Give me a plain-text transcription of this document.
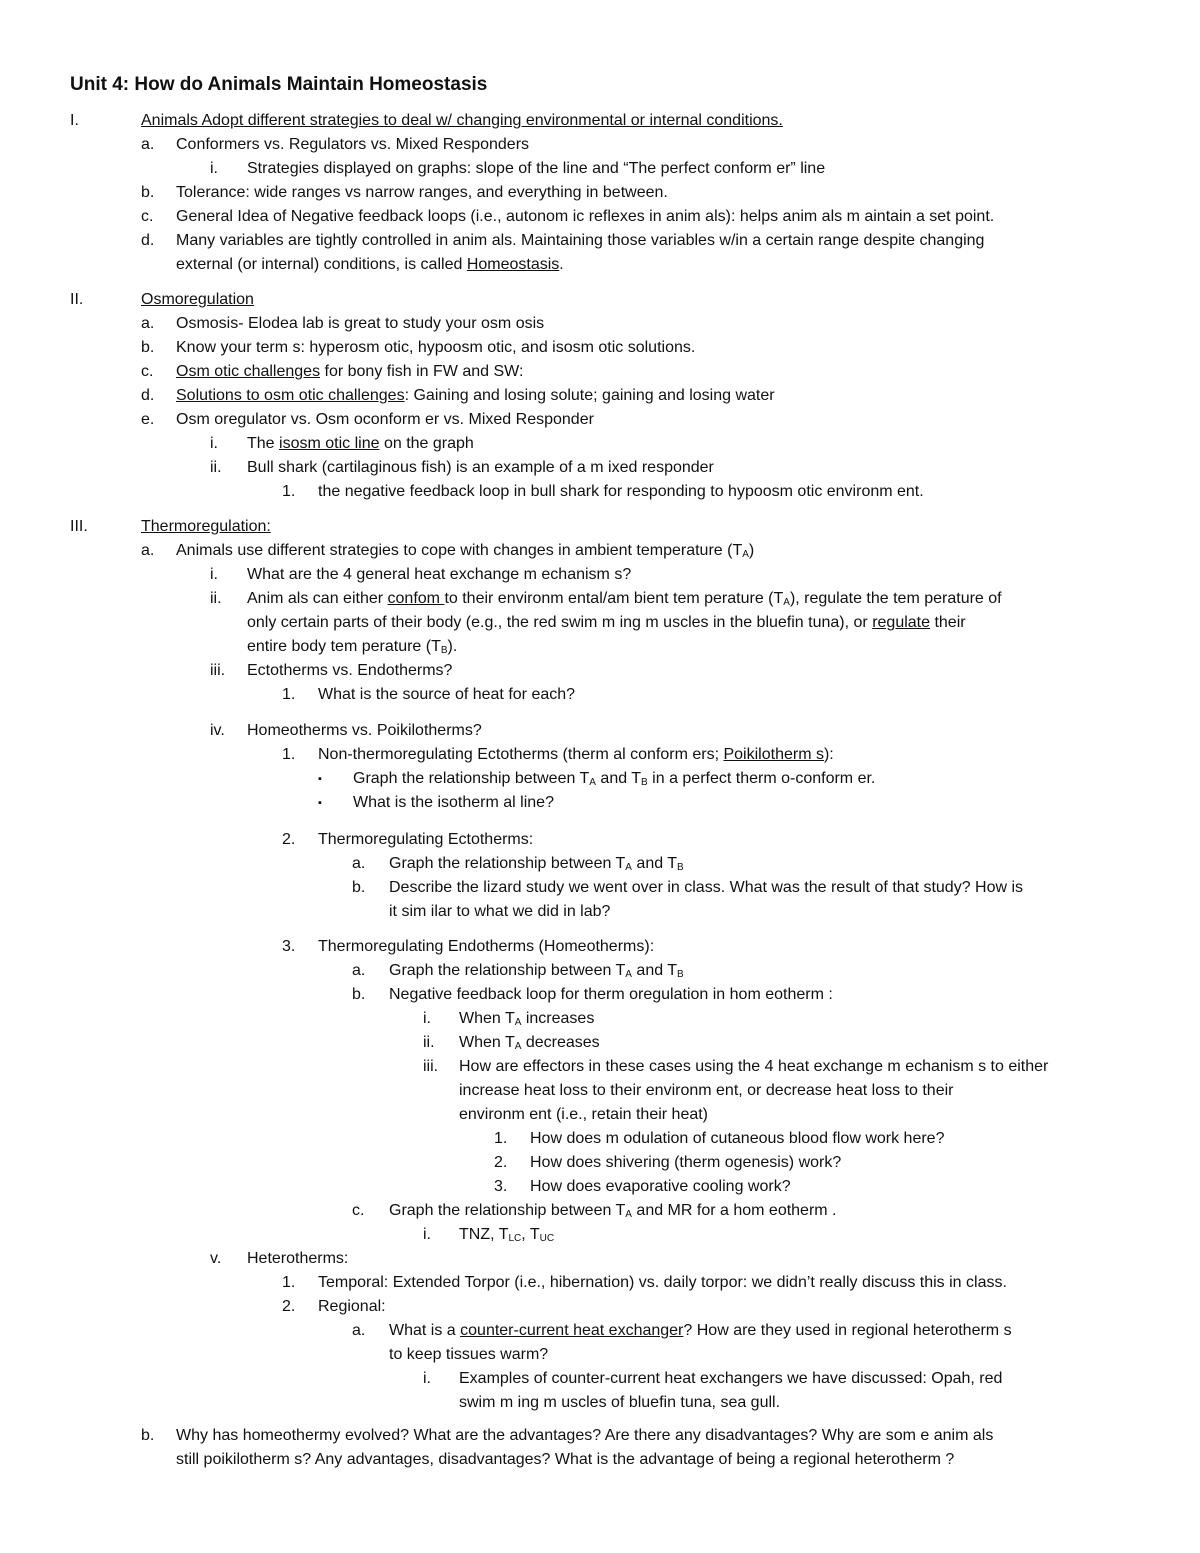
Unit 4: How do Animals Maintain Homeostasis
I.	Animals Adopt different strategies to deal w/ changing environmental or internal conditions.
a. Conformers vs. Regulators vs. Mixed Responders
i. Strategies displayed on graphs: slope of the line and “The perfect conform er” line
b. Tolerance: wide ranges vs narrow ranges, and everything in between.
c. General Idea of Negative feedback loops (i.e., autonom ic reflexes in anim als): helps anim als m aintain a set point.
d. Many variables are tightly controlled in anim als. Maintaining those variables w/in a certain range despite changing
external (or internal) conditions, is called Homeostasis.
II.	Osmoregulation
a. Osmosis- Elodea lab is great to study your osm osis
b. Know your term s: hyperosm otic, hypoosm otic, and isosm otic solutions.
c. Osm otic challenges for bony fish in FW and SW:
d. Solutions to osm otic challenges: Gaining and losing solute; gaining and losing water
e. Osm oregulator vs. Osm oconform er vs. Mixed Responder
i. The isosm otic line on the graph
ii. Bull shark (cartilaginous fish) is an example of a m ixed responder
1. the negative feedback loop in bull shark for responding to hypoosm otic environm ent.
III.	Thermoregulation:
a. Animals use different strategies to cope with changes in ambient temperature $(T_A)$
i. What are the 4 general heat exchange m echanism s?
ii. Anim als can either confom to their environm ental/am bient tem perature $(T_A)$, regulate the tem perature of
only certain parts of their body (e.g., the red swim m ing m uscles in the bluefin tuna), or regulate their
entire body tem perature $(T_B)$.
iii. Ectotherms vs. Endotherms?
1. What is the source of heat for each?
iv. Homeotherms vs. Poikilotherms?
1. Non-thermoregulating Ectotherms (therm al conform ers; Poikilotherm s):
▪ Graph the relationship between $T_A$ and $T_B$ in a perfect therm o-conform er.
▪ What is the isotherm al line?
2. Thermoregulating Ectotherms:
a. Graph the relationship between $T_A$ and $T_B$
b. Describe the lizard study we went over in class. What was the result of that study? How is
it sim ilar to what we did in lab?
3. Thermoregulating Endotherms (Homeotherms):
a. Graph the relationship between $T_A$ and $T_B$
b. Negative feedback loop for therm oregulation in hom eotherm :
i. When $T_A$ increases
ii. When $T_A$ decreases
iii. How are effectors in these cases using the 4 heat exchange m echanism s to either
increase heat loss to their environm ent, or decrease heat loss to their
environm ent (i.e., retain their heat)
1. How does m odulation of cutaneous blood flow work here?
2. How does shivering (therm ogenesis) work?
3. How does evaporative cooling work?
c. Graph the relationship between $T_A$ and MR for a hom eotherm .
i. TNZ, $T_{LC}$, $T_{UC}$
v. Heterotherms:
1. Temporal: Extended Torpor (i.e., hibernation) vs. daily torpor: we didn’t really discuss this in class.
2. Regional:
a. What is a counter-current heat exchanger? How are they used in regional heterotherm s
to keep tissues warm?
i. Examples of counter-current heat exchangers we have discussed: Opah, red
swim m ing m uscles of bluefin tuna, sea gull.
b. Why has homeothermy evolved? What are the advantages? Are there any disadvantages? Why are som e anim als
still poikilotherm s? Any advantages, disadvantages? What is the advantage of being a regional heterotherm ?
